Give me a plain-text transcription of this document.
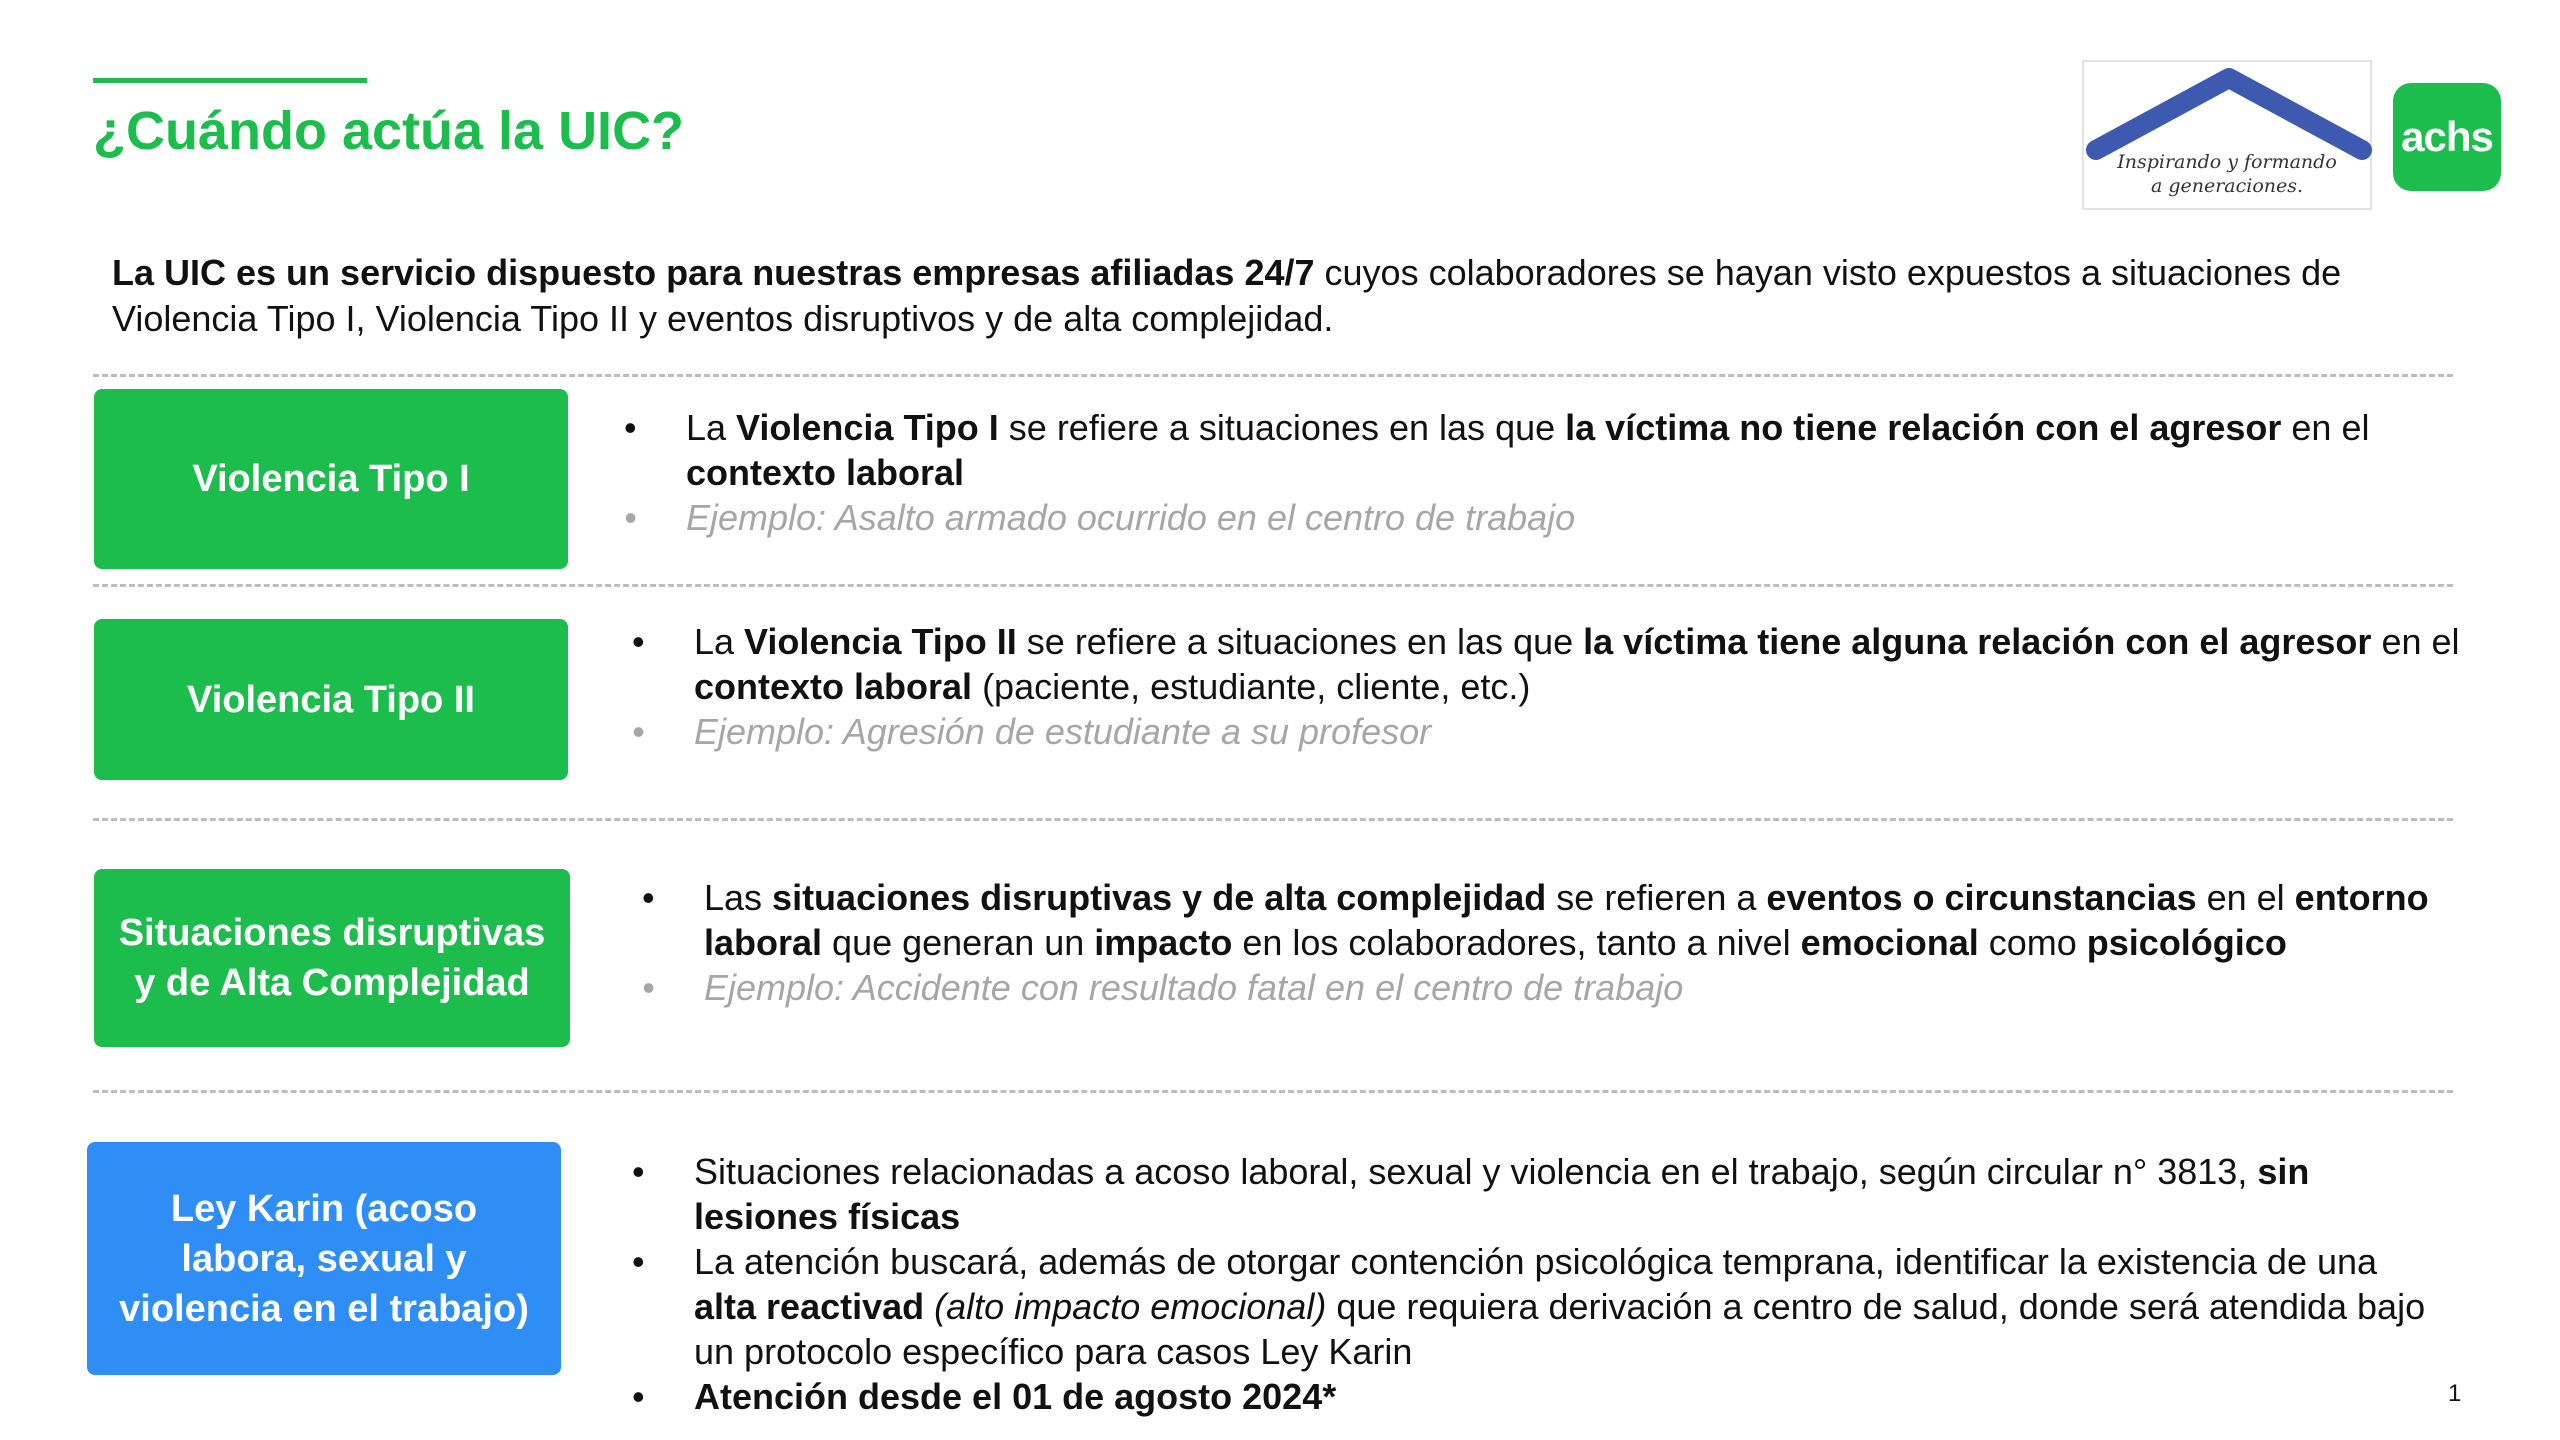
¿Cuándo actúa la UIC?
Inspirando y formando
a generaciones.
achs
La UIC es un servicio dispuesto para nuestras empresas afiliadas 24/7 cuyos colaboradores se hayan visto expuestos a situaciones de Violencia Tipo I, Violencia Tipo II y eventos disruptivos y de alta complejidad.
Violencia Tipo I
• La Violencia Tipo I se refiere a situaciones en las que la víctima no tiene relación con el agresor en el contexto laboral
• Ejemplo: Asalto armado ocurrido en el centro de trabajo
Violencia Tipo II
• La Violencia Tipo II se refiere a situaciones en las que la víctima tiene alguna relación con el agresor en el contexto laboral (paciente, estudiante, cliente, etc.)
• Ejemplo: Agresión de estudiante a su profesor
Situaciones disruptivas y de Alta Complejidad
• Las situaciones disruptivas y de alta complejidad se refieren a eventos o circunstancias en el entorno laboral que generan un impacto en los colaboradores, tanto a nivel emocional como psicológico
• Ejemplo: Accidente con resultado fatal en el centro de trabajo
Ley Karin (acoso labora, sexual y violencia en el trabajo)
• Situaciones relacionadas a acoso laboral, sexual y violencia en el trabajo, según circular n° 3813, sin lesiones físicas
• La atención buscará, además de otorgar contención psicológica temprana, identificar la existencia de una alta reactivad (alto impacto emocional) que requiera derivación a centro de salud, donde será atendida bajo un protocolo específico para casos Ley Karin
• Atención desde el 01 de agosto 2024*	1
